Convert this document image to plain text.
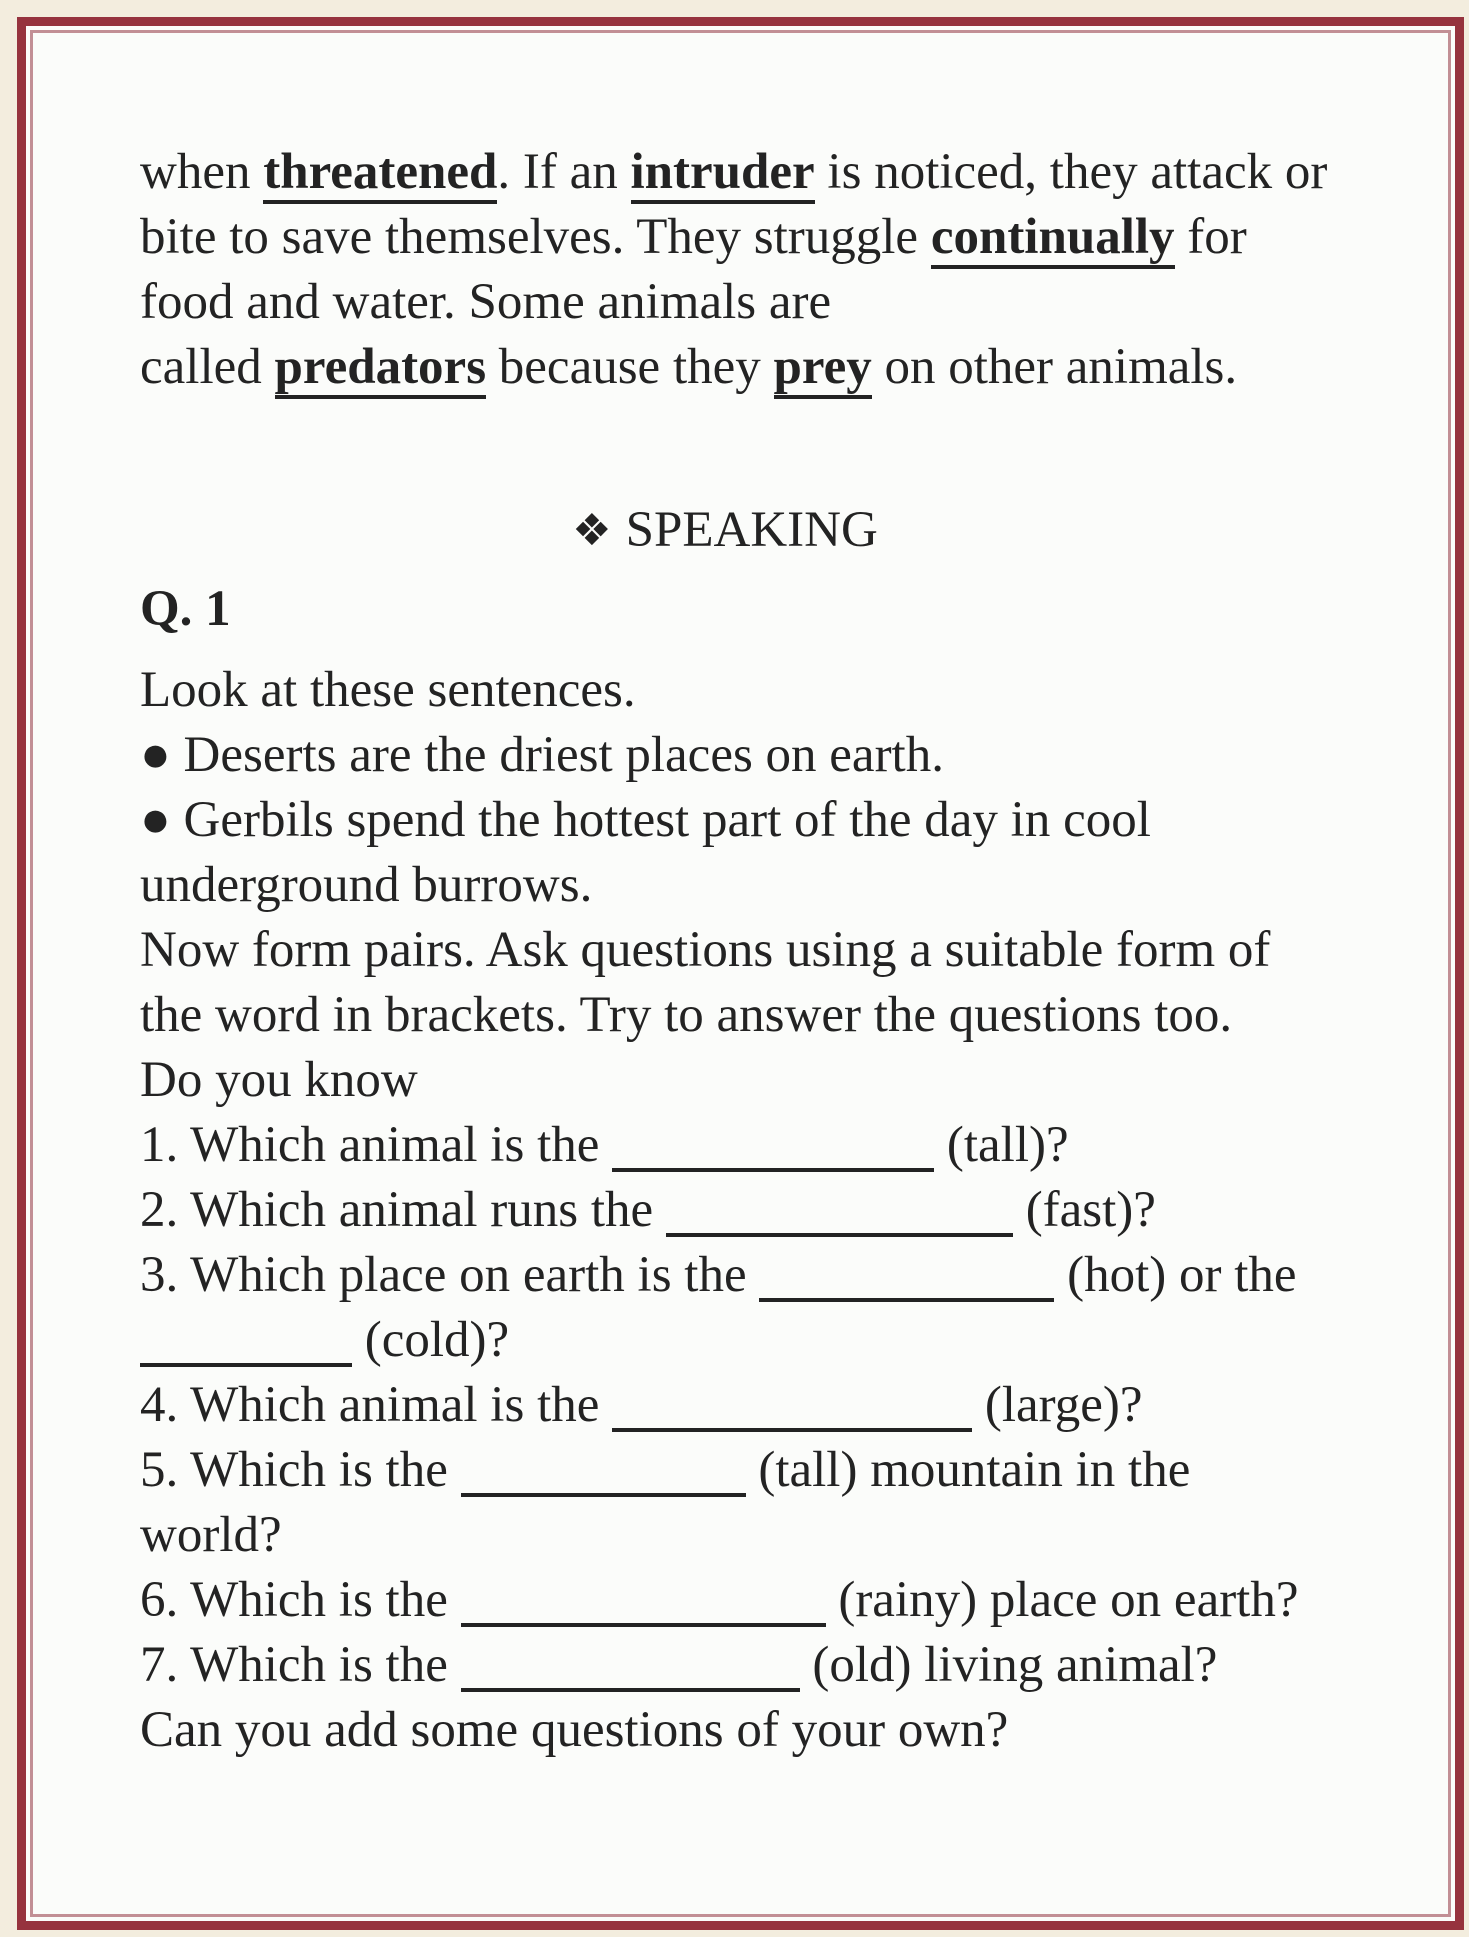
when threatened. If an intruder is noticed, they attack or
bite to save themselves. They struggle continually for
food and water. Some animals are
called predators because they prey on other animals.
❖ SPEAKING
Q. 1
Look at these sentences.
● Deserts are the driest places on earth.
● Gerbils spend the hottest part of the day in cool
underground burrows.
Now form pairs. Ask questions using a suitable form of
the word in brackets. Try to answer the questions too.
Do you know
1. Which animal is the	(tall)?
2. Which animal runs the	(fast)?
3. Which place on earth is the	(hot) or the
(cold)?
4. Which animal is the	(large)?
5. Which is the	(tall) mountain in the
world?
6. Which is the	(rainy) place on earth?
7. Which is the	(old) living animal?
Can you add some questions of your own?
